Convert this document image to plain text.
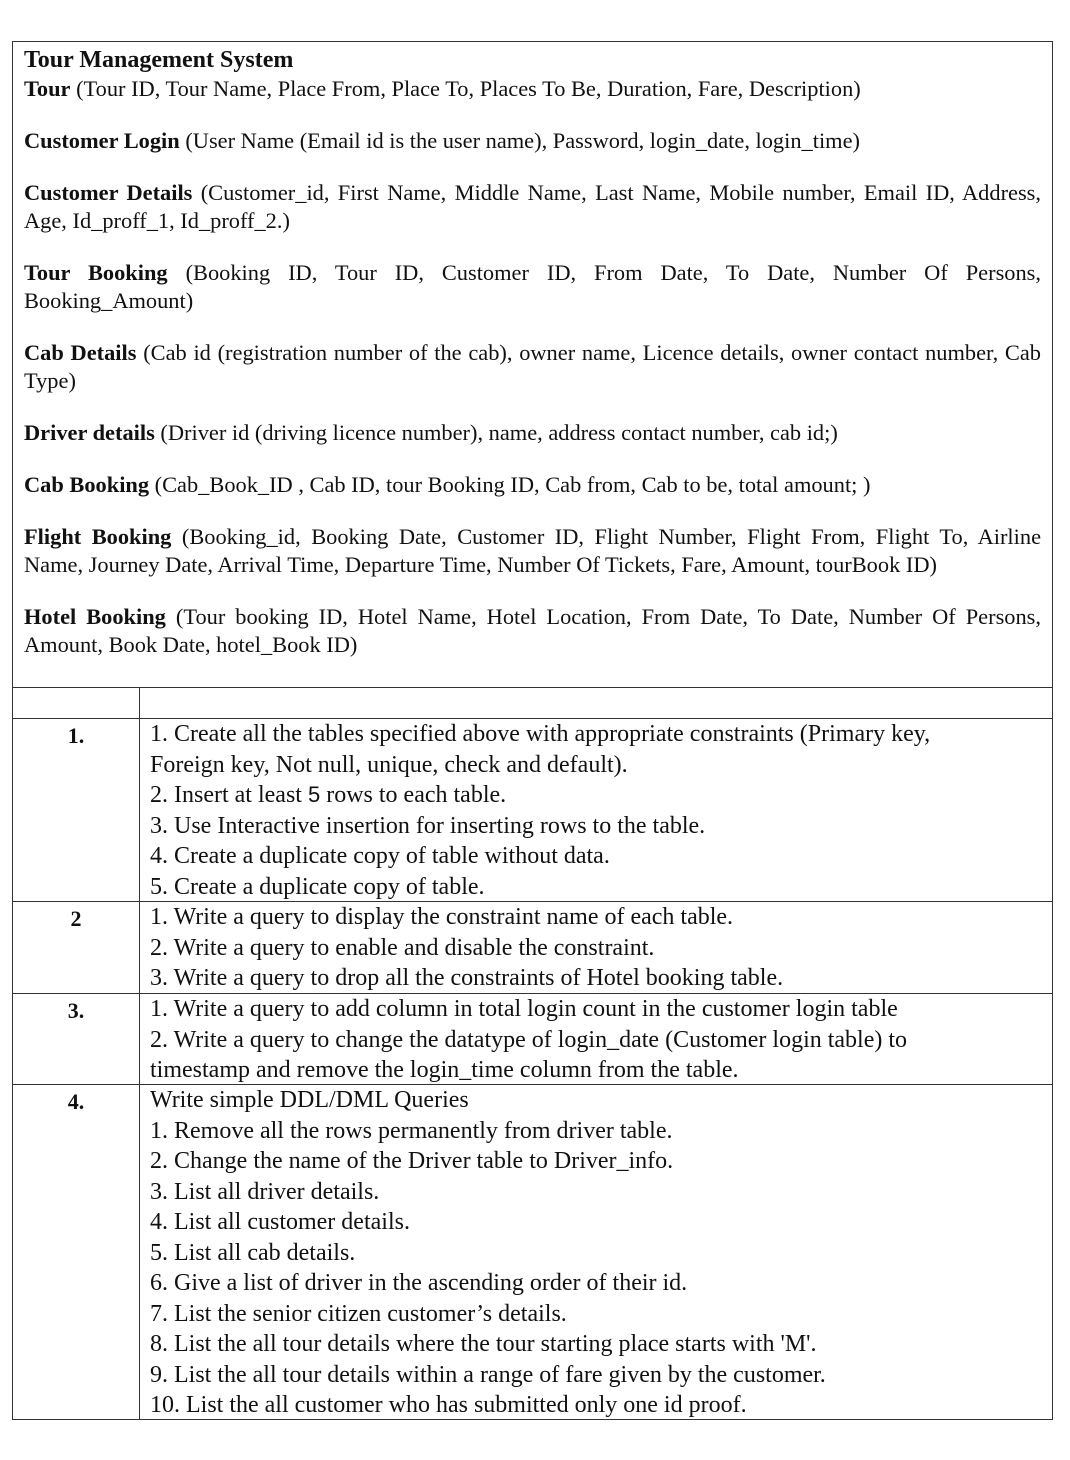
Tour Management System

Tour (Tour ID, Tour Name, Place From, Place To, Places To Be, Duration, Fare, Description)

Customer Login (User Name (Email id is the user name), Password, login_date, login_time)

Customer Details (Customer_id, First Name, Middle Name, Last Name, Mobile number, Email ID, Address, Age, Id_proff_1, Id_proff_2.)

Tour Booking (Booking ID, Tour ID, Customer ID, From Date, To Date, Number Of Persons, Booking_Amount)

Cab Details (Cab id (registration number of the cab), owner name, Licence details, owner contact number, Cab Type)

Driver details (Driver id (driving licence number), name, address contact number, cab id;)

Cab Booking (Cab_Book_ID , Cab ID, tour Booking ID, Cab from, Cab to be, total amount; )

Flight Booking (Booking_id, Booking Date, Customer ID, Flight Number, Flight From, Flight To, Airline Name, Journey Date, Arrival Time, Departure Time, Number Of Tickets, Fare, Amount, tourBook ID)

Hotel Booking (Tour booking ID, Hotel Name, Hotel Location, From Date, To Date, Number Of Persons, Amount, Book Date, hotel_Book ID)

1.	1. Create all the tables specified above with appropriate constraints (Primary key,

Foreign key, Not null, unique, check and default).

2. Insert at least 5 rows to each table.

3. Use Interactive insertion for inserting rows to the table.

4. Create a duplicate copy of table without data.

5. Create a duplicate copy of table.

2	1. Write a query to display the constraint name of each table.

2. Write a query to enable and disable the constraint.

3. Write a query to drop all the constraints of Hotel booking table.

3.	1. Write a query to add column in total login count in the customer login table

2. Write a query to change the datatype of login_date (Customer login table) to

timestamp and remove the login_time column from the table.

4.	Write simple DDL/DML Queries

1. Remove all the rows permanently from driver table.

2. Change the name of the Driver table to Driver_info.

3. List all driver details.

4. List all customer details.

5. List all cab details.

6. Give a list of driver in the ascending order of their id.

7. List the senior citizen customer’s details.

8. List the all tour details where the tour starting place starts with 'M'.

9. List the all tour details within a range of fare given by the customer.

10. List the all customer who has submitted only one id proof.
